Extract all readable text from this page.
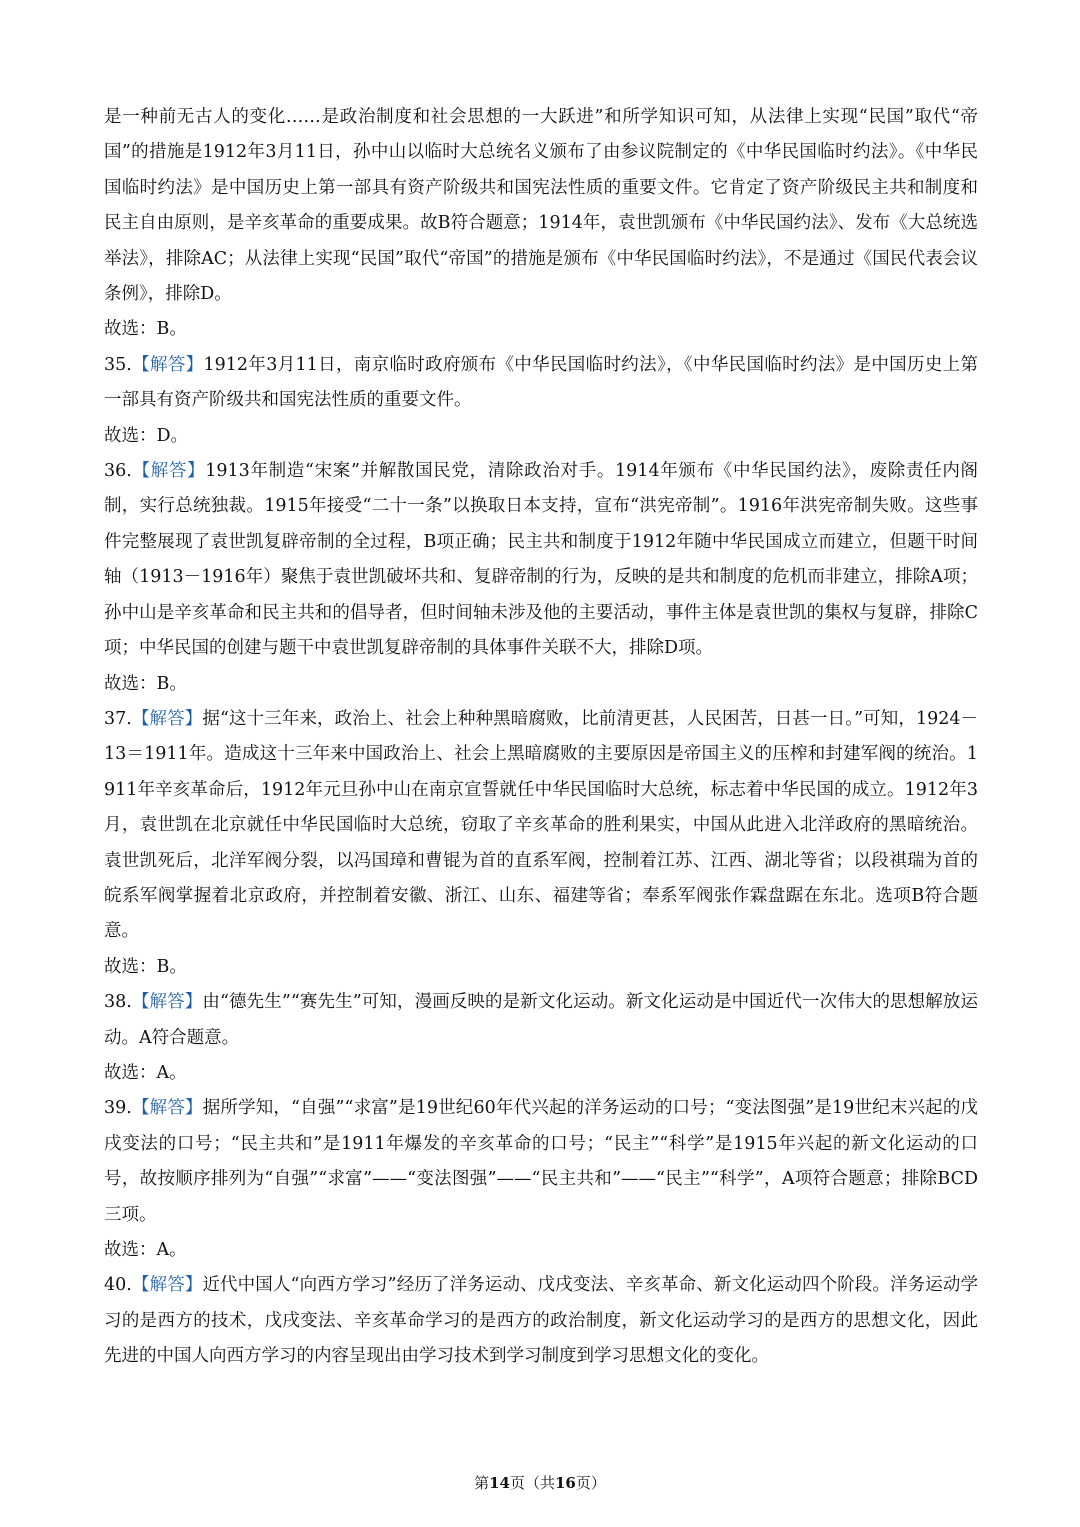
是一种前无古人的变化……是政治制度和社会思想的一大跃进”和所学知识可知，从法律上实现“民国”取代“帝国”的措施是1912年3月11日，孙中山以临时大总统名义颁布了由参议院制定的《中华民国临时约法》。《中华民国临时约法》是中国历史上第一部具有资产阶级共和国宪法性质的重要文件。它肯定了资产阶级民主共和制度和民主自由原则，是辛亥革命的重要成果。故B符合题意；1914年，袁世凯颁布《中华民国约法》、发布《大总统选举法》，排除AC；从法律上实现“民国”取代“帝国”的措施是颁布《中华民国临时约法》，不是通过《国民代表会议条例》，排除D。

故选：B。

35.【解答】1912年3月11日，南京临时政府颁布《中华民国临时约法》，《中华民国临时约法》是中国历史上第一部具有资产阶级共和国宪法性质的重要文件。

故选：D。

36.【解答】1913年制造“宋案”并解散国民党，清除政治对手。1914年颁布《中华民国约法》，废除责任内阁制，实行总统独裁。1915年接受“二十一条”以换取日本支持，宣布“洪宪帝制”。1916年洪宪帝制失败。这些事件完整展现了袁世凯复辟帝制的全过程，B项正确；民主共和制度于1912年随中华民国成立而建立，但题干时间轴（1913－1916年）聚焦于袁世凯破坏共和、复辟帝制的行为，反映的是共和制度的危机而非建立，排除A项；孙中山是辛亥革命和民主共和的倡导者，但时间轴未涉及他的主要活动，事件主体是袁世凯的集权与复辟，排除C项；中华民国的创建与题干中袁世凯复辟帝制的具体事件关联不大，排除D项。

故选：B。

37.【解答】据“这十三年来，政治上、社会上种种黑暗腐败，比前清更甚，人民困苦，日甚一日。”可知，1924－13＝1911年。造成这十三年来中国政治上、社会上黑暗腐败的主要原因是帝国主义的压榨和封建军阀的统治。1911年辛亥革命后，1912年元旦孙中山在南京宣誓就任中华民国临时大总统，标志着中华民国的成立。1912年3月，袁世凯在北京就任中华民国临时大总统，窃取了辛亥革命的胜利果实，中国从此进入北洋政府的黑暗统治。袁世凯死后，北洋军阀分裂，以冯国璋和曹锟为首的直系军阀，控制着江苏、江西、湖北等省；以段祺瑞为首的皖系军阀掌握着北京政府，并控制着安徽、浙江、山东、福建等省；奉系军阀张作霖盘踞在东北。选项B符合题意。

故选：B。

38.【解答】由“德先生”“赛先生”可知，漫画反映的是新文化运动。新文化运动是中国近代一次伟大的思想解放运动。A符合题意。

故选：A。

39.【解答】据所学知，“自强”“求富”是19世纪60年代兴起的洋务运动的口号；“变法图强”是19世纪末兴起的戊戌变法的口号；“民主共和”是1911年爆发的辛亥革命的口号；“民主”“科学”是1915年兴起的新文化运动的口号，故按顺序排列为“自强”“求富”——“变法图强”——“民主共和”——“民主”“科学”，A项符合题意；排除BCD三项。

故选：A。

40.【解答】近代中国人“向西方学习”经历了洋务运动、戊戌变法、辛亥革命、新文化运动四个阶段。洋务运动学习的是西方的技术，戊戌变法、辛亥革命学习的是西方的政治制度，新文化运动学习的是西方的思想文化，因此先进的中国人向西方学习的内容呈现出由学习技术到学习制度到学习思想文化的变化。

第14页（共16页）
